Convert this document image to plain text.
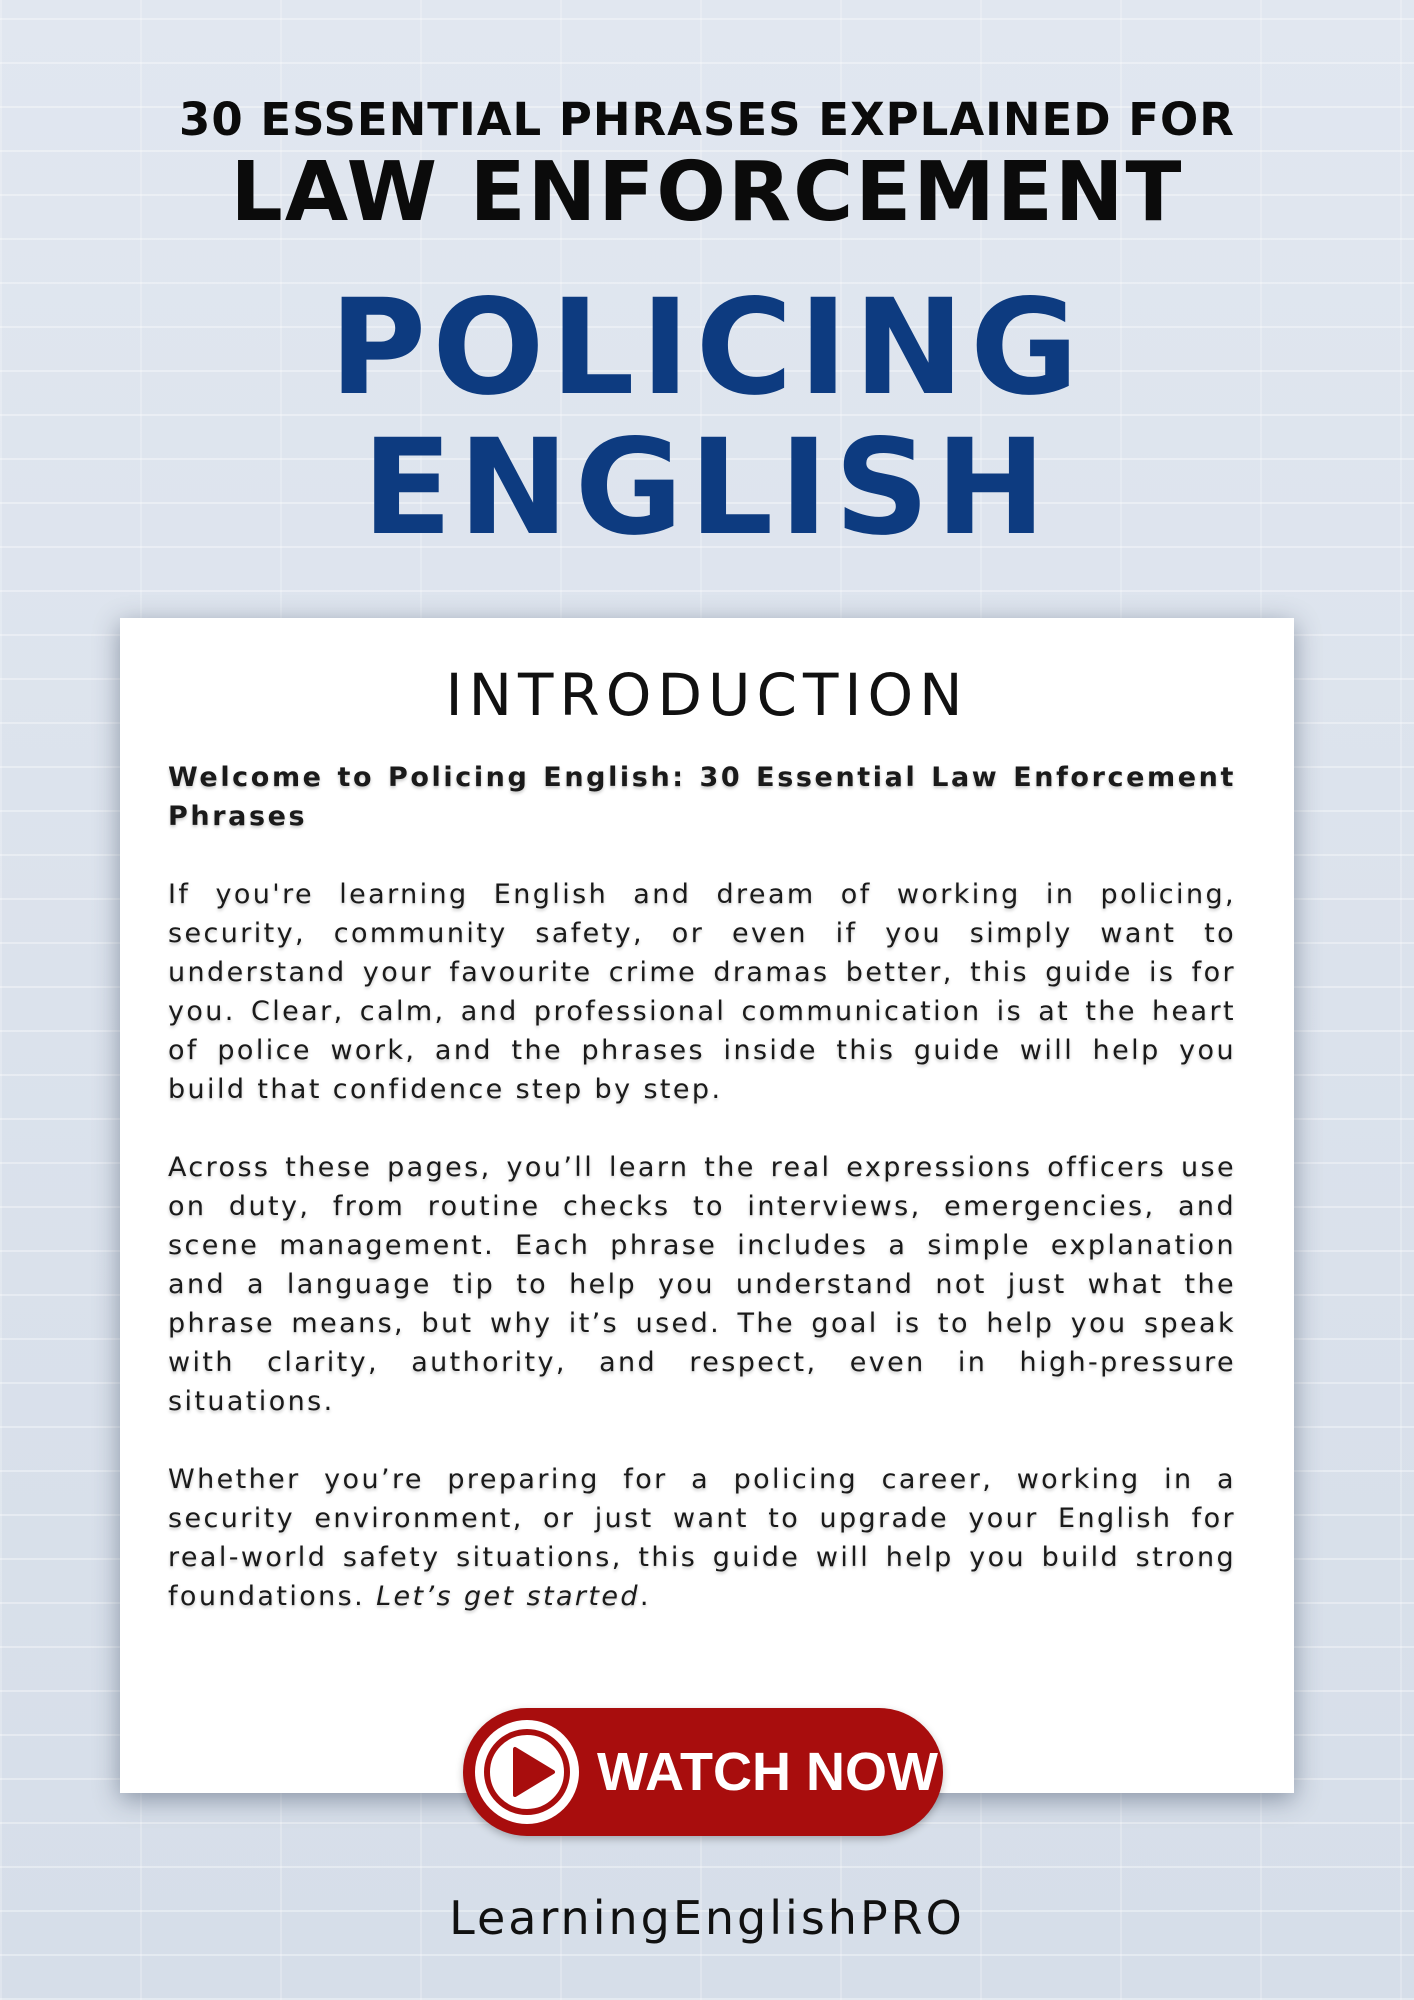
30 ESSENTIAL PHRASES EXPLAINED FOR
LAW ENFORCEMENT
POLICING
ENGLISH
INTRODUCTION

Welcome to Policing English: 30 Essential Law Enforcement Phrases

If you're learning English and dream of working in policing, security, community safety, or even if you simply want to understand your favourite crime dramas better, this guide is for you. Clear, calm, and professional communication is at the heart of police work, and the phrases inside this guide will help you build that confidence step by step.

Across these pages, you’ll learn the real expressions officers use on duty, from routine checks to interviews, emergencies, and scene management. Each phrase includes a simple explanation and a language tip to help you understand not just what the phrase means, but why it’s used. The goal is to help you speak with clarity, authority, and respect, even in high-pressure situations.

Whether you’re preparing for a policing career, working in a security environment, or just want to upgrade your English for real-world safety situations, this guide will help you build strong foundations. Let’s get started.

WATCH NOW
LearningEnglishPRO
